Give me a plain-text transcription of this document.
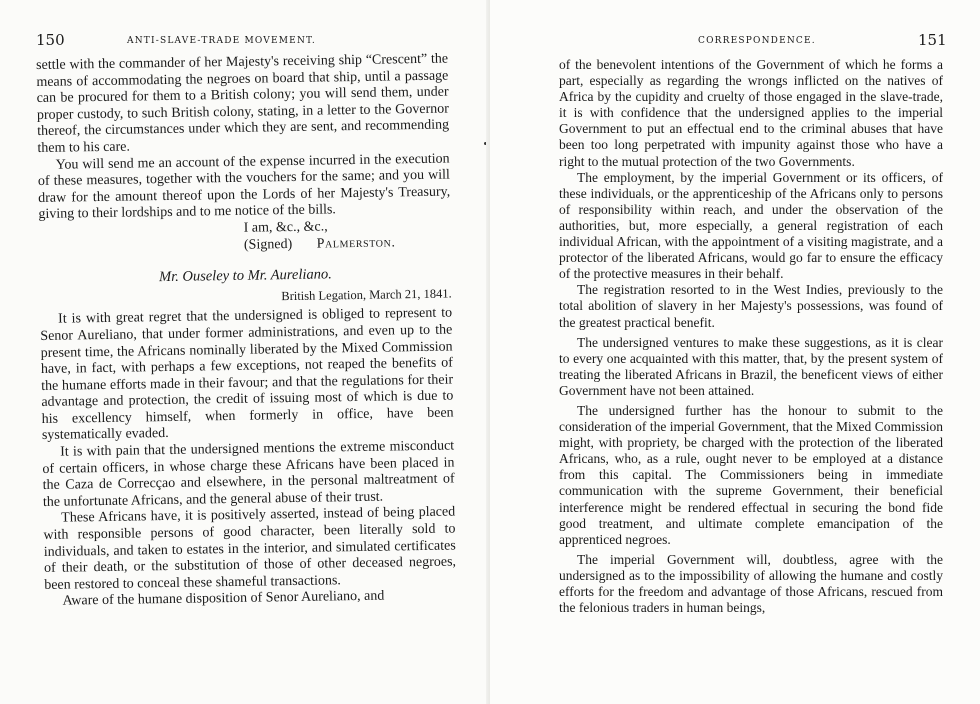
150	ANTI-SLAVE-TRADE MOVEMENT.

settle with the commander of her Majesty's receiving ship “Crescent” the means of accommodating the negroes on board that ship, until a passage can be procured for them to a British colony; you will send them, under proper custody, to such British colony, stating, in a letter to the Governor thereof, the circumstances under which they are sent, and recommending them to his care.

You will send me an account of the expense incurred in the execution of these measures, together with the vouchers for the same; and you will draw for the amount thereof upon the Lords of her Majesty's Treasury, giving to their lordships and to me notice of the bills.

I am, &c., &c.,

(Signed) Palmerston.

Mr. Ouseley to Mr. Aureliano.

British Legation, March 21, 1841.

It is with great regret that the undersigned is obliged to represent to Senor Aureliano, that under former administrations, and even up to the present time, the Africans nominally liberated by the Mixed Commission have, in fact, with perhaps a few exceptions, not reaped the benefits of the humane efforts made in their favour; and that the regulations for their advantage and protection, the credit of issuing most of which is due to his excellency himself, when formerly in office, have been systematically evaded.

It is with pain that the undersigned mentions the extreme misconduct of certain officers, in whose charge these Africans have been placed in the Caza de Correcçao and elsewhere, in the personal maltreatment of the unfortunate Africans, and the general abuse of their trust.

These Africans have, it is positively asserted, instead of being placed with responsible persons of good character, been literally sold to individuals, and taken to estates in the interior, and simulated certificates of their death, or the substitution of those of other deceased negroes, been restored to conceal these shameful transactions.

Aware of the humane disposition of Senor Aureliano, and

CORRESPONDENCE.	151

of the benevolent intentions of the Government of which he forms a part, especially as regarding the wrongs inflicted on the natives of Africa by the cupidity and cruelty of those engaged in the slave-trade, it is with confidence that the undersigned applies to the imperial Government to put an effectual end to the criminal abuses that have been too long perpetrated with impunity against those who have a right to the mutual protection of the two Governments.

The employment, by the imperial Government or its officers, of these individuals, or the apprenticeship of the Africans only to persons of responsibility within reach, and under the observation of the authorities, but, more especially, a general registration of each individual African, with the appointment of a visiting magistrate, and a protector of the liberated Africans, would go far to ensure the efficacy of the protective measures in their behalf.

The registration resorted to in the West Indies, previously to the total abolition of slavery in her Majesty's possessions, was found of the greatest practical benefit.

The undersigned ventures to make these suggestions, as it is clear to every one acquainted with this matter, that, by the present system of treating the liberated Africans in Brazil, the beneficent views of either Government have not been attained.

The undersigned further has the honour to submit to the consideration of the imperial Government, that the Mixed Commission might, with propriety, be charged with the protection of the liberated Africans, who, as a rule, ought never to be employed at a distance from this capital. The Commissioners being in immediate communication with the supreme Government, their beneficial interference might be rendered effectual in securing the bond fide good treatment, and ultimate complete emancipation of the apprenticed negroes.

The imperial Government will, doubtless, agree with the undersigned as to the impossibility of allowing the humane and costly efforts for the freedom and advantage of those Africans, rescued from the felonious traders in human beings,
